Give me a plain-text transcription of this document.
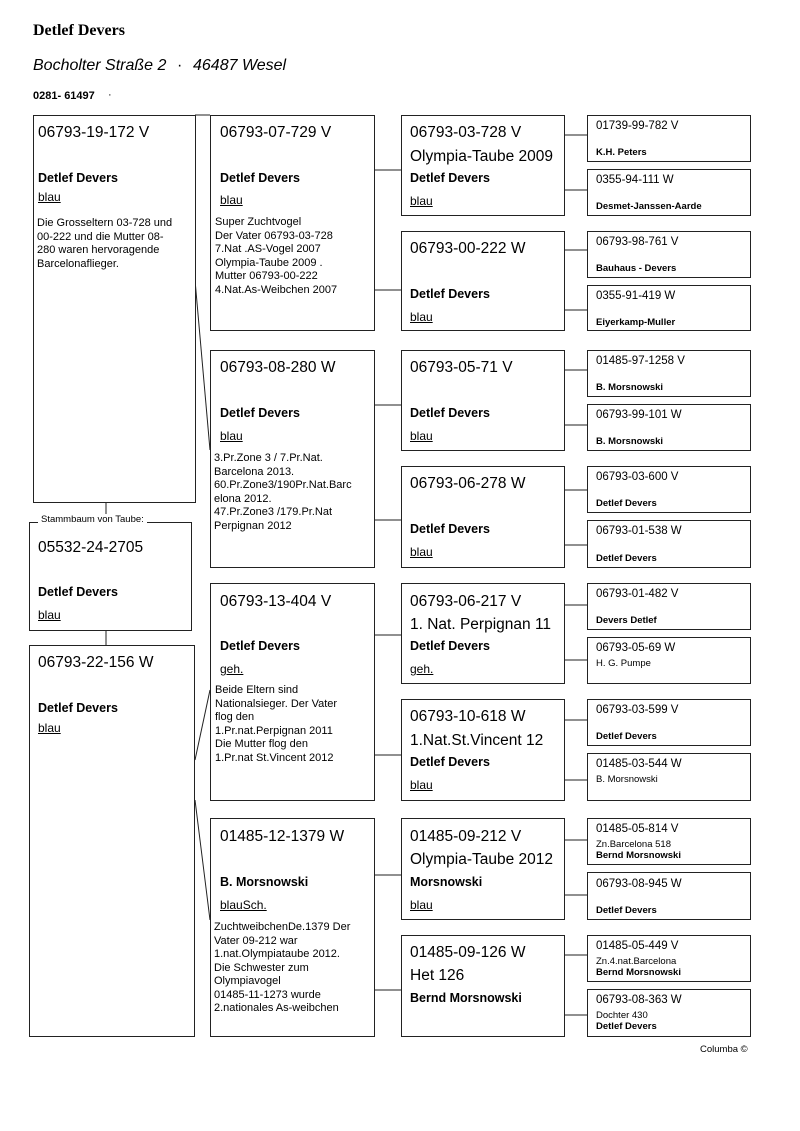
Detlef Devers
Bocholter Straße 2 · 46487 Wesel
0281- 61497 ·
06793-19-172 V
Detlef Devers
blau
Die Grosseltern 03-728 und
00-222 und die Mutter 08-
280 waren hervoragende
Barcelonaflieger.
05532-24-2705
Detlef Devers
blau
Stammbaum von Taube:
06793-22-156 W
Detlef Devers
blau
06793-07-729 V
Detlef Devers
blau
Super Zuchtvogel
Der Vater 06793-03-728
7.Nat .AS-Vogel 2007
Olympia-Taube 2009 .
Mutter 06793-00-222
4.Nat.As-Weibchen 2007
06793-08-280 W
Detlef Devers
blau
3.Pr.Zone 3 / 7.Pr.Nat.
Barcelona 2013.
60.Pr.Zone3/190Pr.Nat.Barc
elona 2012.
47.Pr.Zone3 /179.Pr.Nat
Perpignan 2012
06793-13-404 V
Detlef Devers
geh.
Beide Eltern sind
Nationalsieger. Der Vater
flog den
1.Pr.nat.Perpignan 2011
Die Mutter flog den
1.Pr.nat St.Vincent 2012
01485-12-1379 W
B. Morsnowski
blauSch.
ZuchtweibchenDe.1379 Der
Vater 09-212 war
1.nat.Olympiataube 2012.
Die Schwester zum
Olympiavogel
01485-11-1273 wurde
2.nationales As-weibchen
06793-03-728 V
Olympia-Taube 2009
Detlef Devers
blau
06793-00-222 W
Detlef Devers
blau
06793-05-71 V
Detlef Devers
blau
06793-06-278 W
Detlef Devers
blau
06793-06-217 V
1. Nat. Perpignan 11
Detlef Devers
geh.
06793-10-618 W
1.Nat.St.Vincent 12
Detlef Devers
blau
01485-09-212 V
Olympia-Taube 2012
Morsnowski
blau
01485-09-126 W
Het 126
Bernd Morsnowski
01739-99-782 V
K.H. Peters
0355-94-111 W
Desmet-Janssen-Aarde
06793-98-761 V
Bauhaus - Devers
0355-91-419 W
Eiyerkamp-Muller
01485-97-1258 V
B. Morsnowski
06793-99-101 W
B. Morsnowski
06793-03-600 V
Detlef Devers
06793-01-538 W
Detlef Devers
06793-01-482 V
Devers Detlef
06793-05-69 W
H. G. Pumpe
06793-03-599 V
Detlef Devers
01485-03-544 W
B. Morsnowski
01485-05-814 V
Zn.Barcelona 518
Bernd Morsnowski
06793-08-945 W
Detlef Devers
01485-05-449 V
Zn.4.nat.Barcelona
Bernd Morsnowski
06793-08-363 W
Dochter 430
Detlef Devers
Columba ©
